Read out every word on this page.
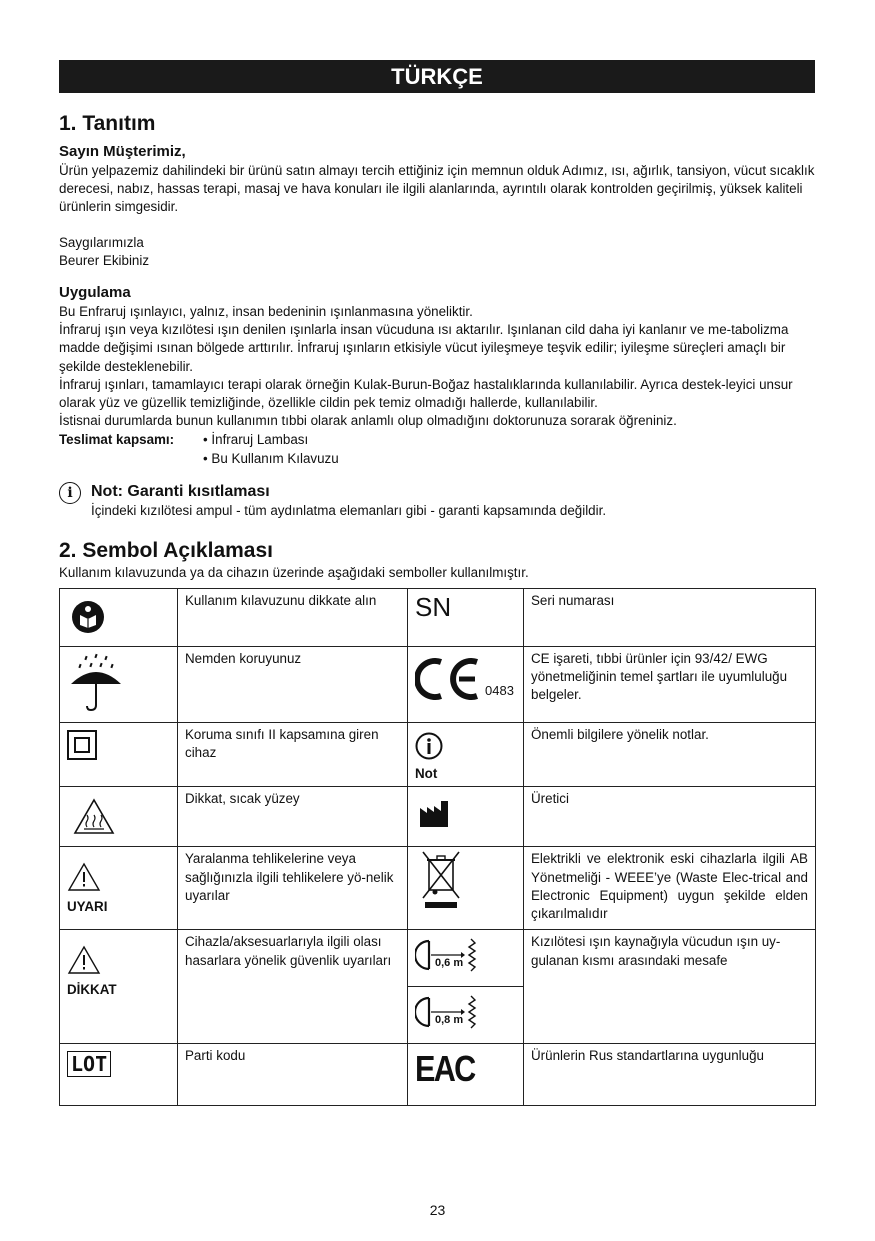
TÜRKÇE
1. Tanıtım
Sayın Müşterimiz,

Ürün yelpazemiz dahilindeki bir ürünü satın almayı tercih ettiğiniz için memnun olduk Adımız, ısı, ağırlık, tansiyon, vücut sıcaklık derecesi, nabız, hassas terapi, masaj ve hava konuları ile ilgili alanlarında, ayrıntılı olarak kontrolden geçirilmiş, yüksek kaliteli ürünlerin simgesidir.

Saygılarımızla

Beurer Ekibiniz

Uygulama

Bu Enfraruj ışınlayıcı, yalnız, insan bedeninin ışınlanmasına yöneliktir.

İnfraruj ışın veya kızılötesi ışın denilen ışınlarla insan vücuduna ısı aktarılır. Işınlanan cild daha iyi kanlanır ve me-tabolizma madde değişimi ısınan bölgede arttırılır. İnfraruj ışınların etkisiyle vücut iyileşmeye teşvik edilir; iyileşme süreçleri amaçlı bir şekilde desteklenebilir.

İnfraruj ışınları, tamamlayıcı terapi olarak örneğin Kulak-Burun-Boğaz hastalıklarında kullanılabilir. Ayrıca destek-leyici unsur olarak yüz ve güzellik temizliğinde, özellikle cildin pek temiz olmadığı hallerde, kullanılabilir.

İstisnai durumlarda bunun kullanımın tıbbi olarak anlamlı olup olmadığını doktorunuza sorarak öğreniniz.

Teslimat kapsamı:	• İnfraruj Lambası
• Bu Kullanım Kılavuzu
i	Not: Garanti kısıtlaması

İçindeki kızılötesi ampul - tüm aydınlatma elemanları gibi - garanti kapsamında değildir.

2. Sembol Açıklaması

Kullanım kılavuzunda ya da cihazın üzerinde aşağıdaki semboller kullanılmıştır.

	Kullanım kılavuzunu dikkate alın	SN	Seri numarası
	Nemden koruyunuz	0483	CE işareti, tıbbi ürünler için 93/42/ EWG yönetmeliğinin temel şartları ile uyumluluğu belgeler.
	Koruma sınıfı II kapsamına giren cihaz	Not	Önemli bilgilere yönelik notlar.
	Dikkat, sıcak yüzey		Üretici

UYARI	Yaralanma tehlikelerine veya sağlığınızla ilgili tehlikelere yö-nelik uyarılar		Elektrikli ve elektronik eski cihazlarla ilgili AB Yönetmeliği - WEEE’ye (Waste Elec-trical and Electronic Equipment) uygun şekilde elden çıkarılmalıdır

DİKKAT	Cihazla/aksesuarlarıyla ilgili olası hasarlara yönelik güvenlik uyarıları	0,6 m	Kızılötesi ışın kaynağıyla vücudun ışın uy-gulanan kısmı arasındaki mesafe

		0,8 m	

LOT	Parti kodu	EAC	Ürünlerin Rus standartlarına uygunluğu
23
